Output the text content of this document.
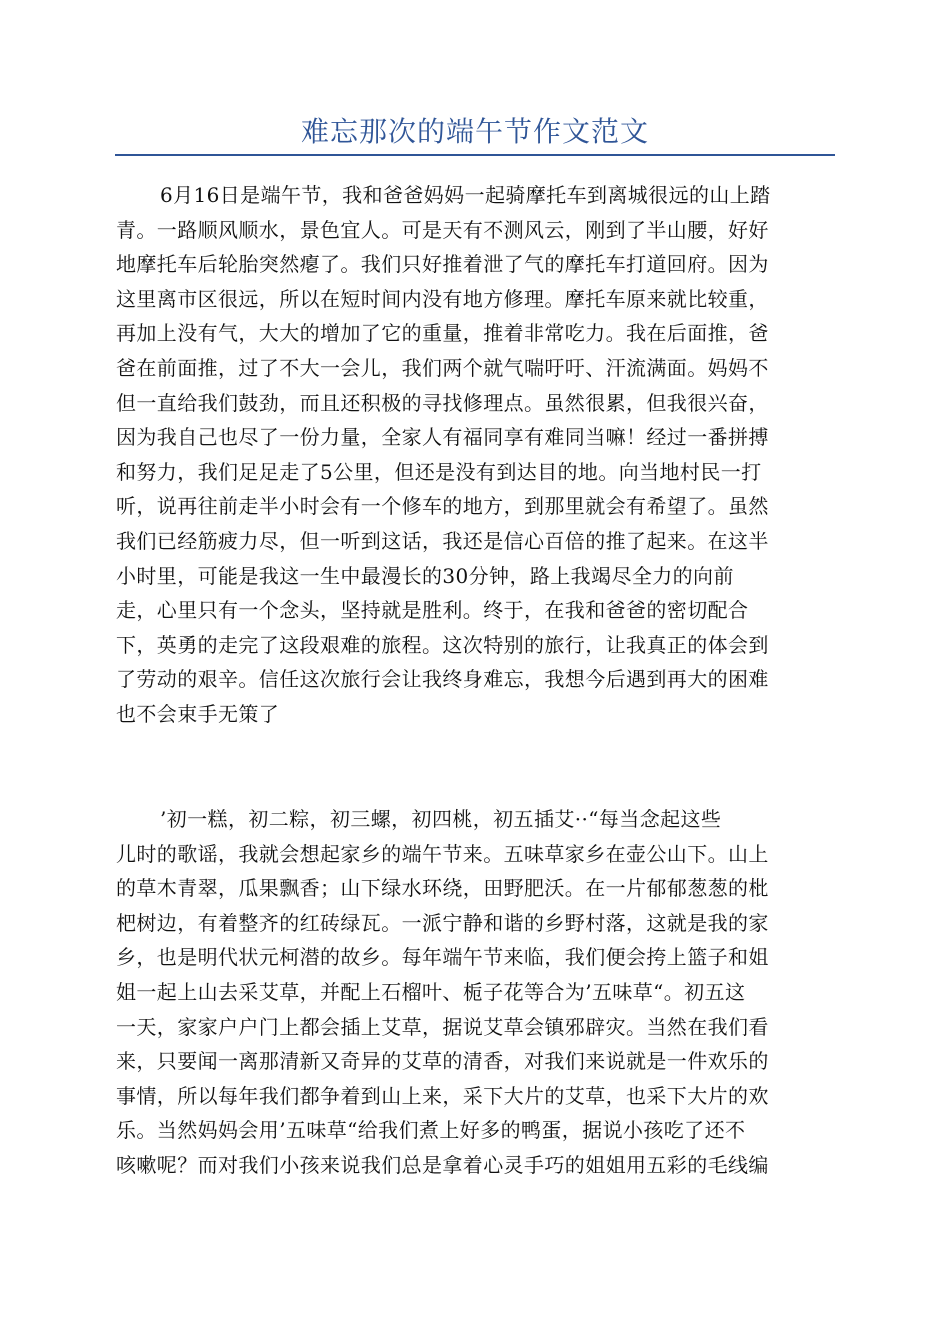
难忘那次的端午节作文范文
6月16日是端午节，我和爸爸妈妈一起骑摩托车到离城很远的山上踏
青。一路顺风顺水，景色宜人。可是天有不测风云，刚到了半山腰，好好
地摩托车后轮胎突然瘪了。我们只好推着泄了气的摩托车打道回府。因为
这里离市区很远，所以在短时间内没有地方修理。摩托车原来就比较重，
再加上没有气，大大的增加了它的重量，推着非常吃力。我在后面推，爸
爸在前面推，过了不大一会儿，我们两个就气喘吁吁、汗流满面。妈妈不
但一直给我们鼓劲，而且还积极的寻找修理点。虽然很累，但我很兴奋，
因为我自己也尽了一份力量，全家人有福同享有难同当嘛！经过一番拼搏
和努力，我们足足走了5公里，但还是没有到达目的地。向当地村民一打
听，说再往前走半小时会有一个修车的地方，到那里就会有希望了。虽然
我们已经筋疲力尽，但一听到这话，我还是信心百倍的推了起来。在这半
小时里，可能是我这一生中最漫长的30分钟，路上我竭尽全力的向前
走，心里只有一个念头，坚持就是胜利。终于，在我和爸爸的密切配合
下，英勇的走完了这段艰难的旅程。这次特别的旅行，让我真正的体会到
了劳动的艰辛。信任这次旅行会让我终身难忘，我想今后遇到再大的困难
也不会束手无策了
’初一糕，初二粽，初三螺，初四桃，初五插艾··“每当念起这些
儿时的歌谣，我就会想起家乡的端午节来。五味草家乡在壶公山下。山上
的草木青翠，瓜果飘香；山下绿水环绕，田野肥沃。在一片郁郁葱葱的枇
杷树边，有着整齐的红砖绿瓦。一派宁静和谐的乡野村落，这就是我的家
乡，也是明代状元柯潜的故乡。每年端午节来临，我们便会挎上篮子和姐
姐一起上山去采艾草，并配上石榴叶、栀子花等合为’五味草“。初五这
一天，家家户户门上都会插上艾草，据说艾草会镇邪辟灾。当然在我们看
来，只要闻一离那清新又奇异的艾草的清香，对我们来说就是一件欢乐的
事情，所以每年我们都争着到山上来，采下大片的艾草，也采下大片的欢
乐。当然妈妈会用’五味草“给我们煮上好多的鸭蛋，据说小孩吃了还不
咳嗽呢？而对我们小孩来说我们总是拿着心灵手巧的姐姐用五彩的毛线编
